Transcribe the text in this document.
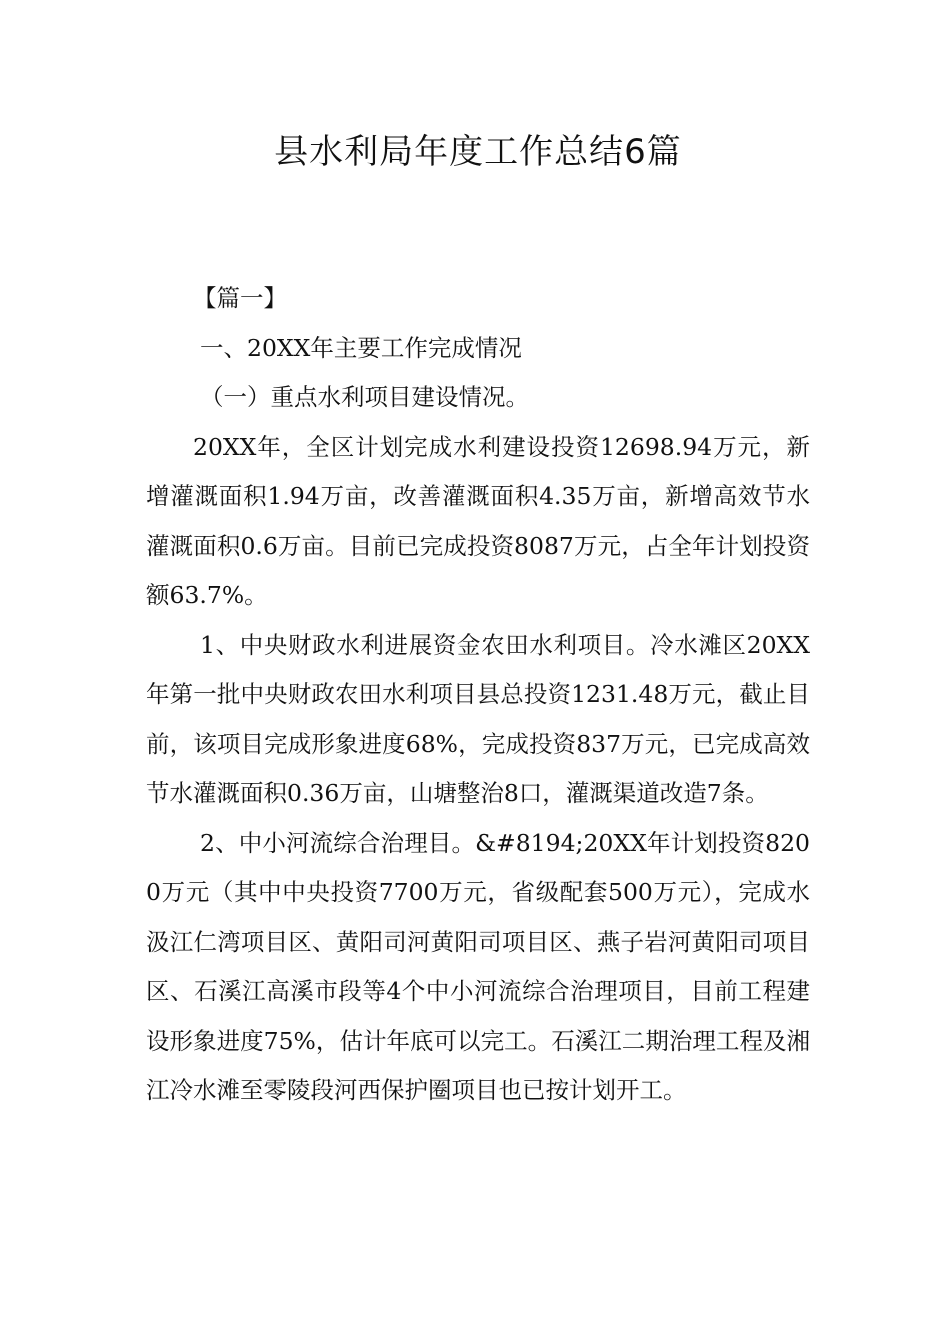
县水利局年度工作总结6篇

【篇一】

一、20XX年主要工作完成情况

（一）重点水利项目建设情况。

20XX年，全区计划完成水利建设投资12698.94万元，新增灌溉面积1.94万亩，改善灌溉面积4.35万亩，新增高效节水灌溉面积0.6万亩。目前已完成投资8087万元，占全年计划投资额63.7%。

1、中央财政水利进展资金农田水利项目。冷水滩区20XX年第一批中央财政农田水利项目县总投资1231.48万元，截止目前，该项目完成形象进度68%，完成投资837万元，已完成高效节水灌溉面积0.36万亩，山塘整治8口，灌溉渠道改造7条。

2、中小河流综合治理目。&#8194;20XX年计划投资8200万元（其中中央投资7700万元，省级配套500万元），完成水汲江仁湾项目区、黄阳司河黄阳司项目区、燕子岩河黄阳司项目区、石溪江高溪市段等4个中小河流综合治理项目，目前工程建设形象进度75%，估计年底可以完工。石溪江二期治理工程及湘江冷水滩至零陵段河西保护圈项目也已按计划开工。
